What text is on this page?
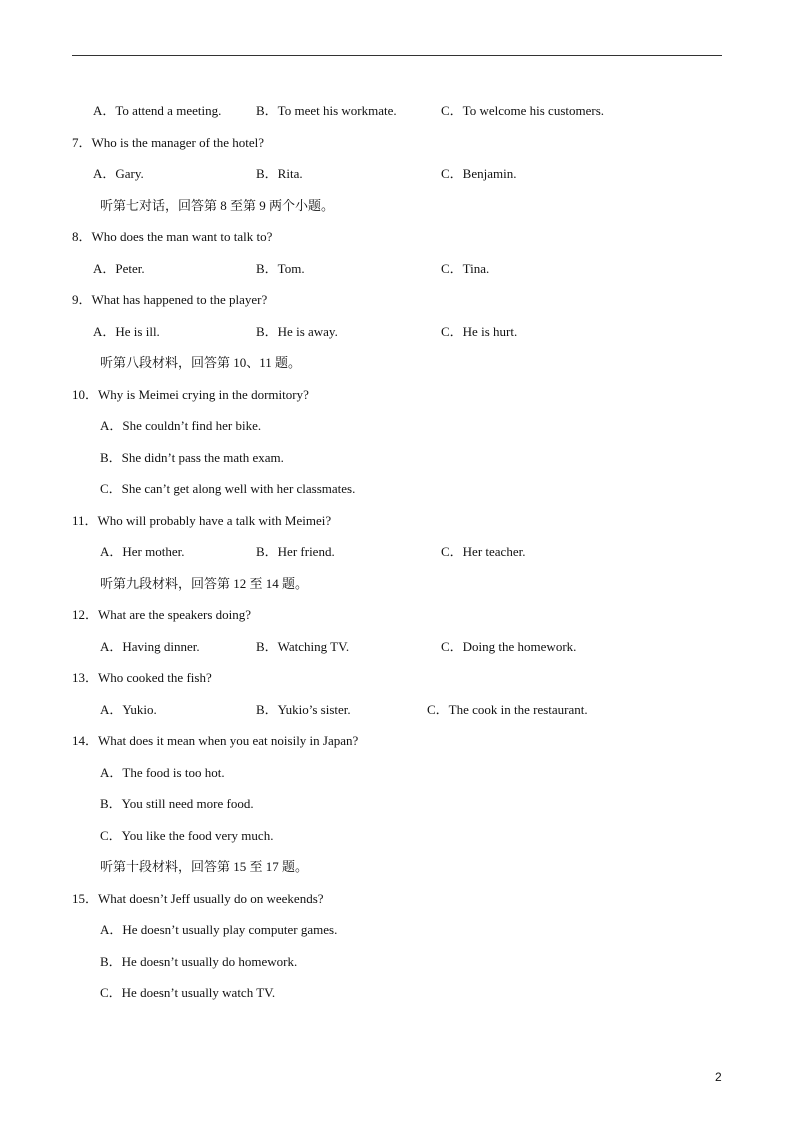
A．To attend a meeting.	B．To meet his workmate.	C．To welcome his customers.
7．Who is the manager of the hotel?
A．Gary.	B．Rita.	C．Benjamin.
听第七对话，回答第 8 至第 9 两个小题。
8．Who does the man want to talk to?
A．Peter.	B．Tom.	C．Tina.
9．What has happened to the player?
A．He is ill.	B．He is away.	C．He is hurt.
听第八段材料，回答第 10、11 题。
10．Why is Meimei crying in the dormitory?
A．She couldn’t find her bike.
B．She didn’t pass the math exam.
C．She can’t get along well with her classmates.
11．Who will probably have a talk with Meimei?
A．Her mother.	B．Her friend.	C．Her teacher.
听第九段材料，回答第 12 至 14 题。
12．What are the speakers doing?
A．Having dinner.	B．Watching TV.	C．Doing the homework.
13．Who cooked the fish?
A．Yukio.	B．Yukio’s sister.	C．The cook in the restaurant.
14．What does it mean when you eat noisily in Japan?
A．The food is too hot.
B．You still need more food.
C．You like the food very much.
听第十段材料，回答第 15 至 17 题。
15．What doesn’t Jeff usually do on weekends?
A．He doesn’t usually play computer games.
B．He doesn’t usually do homework.
C．He doesn’t usually watch TV.
2
